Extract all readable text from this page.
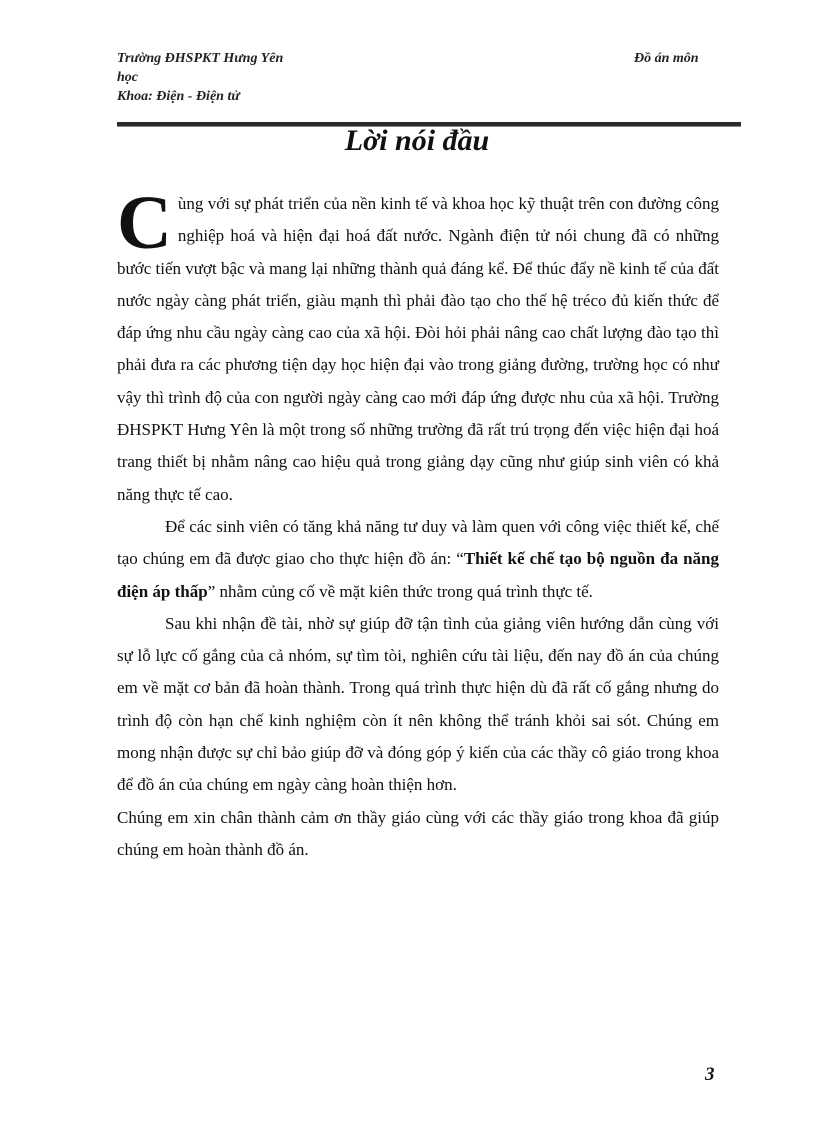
Trường ĐHSPKT Hưng Yên
học
Khoa: Điện - Điện tử
Đồ án môn
Lời nói đầu

Cùng với sự phát triển của nền kinh tế và khoa học kỹ thuật trên con đường công nghiệp hoá và hiện đại hoá đất nước. Ngành điện tử nói chung đã có những bước tiến vượt bậc và mang lại những thành quả đáng kể. Để thúc đẩy nề kinh tế của đất nước ngày càng phát triển, giàu mạnh thì phải đào tạo cho thế hệ tréco đủ kiến thức để đáp ứng nhu cầu ngày càng cao của xã hội. Đòi hỏi phải nâng cao chất lượng đào tạo thì phải đưa ra các phương tiện dạy học hiện đại vào trong giảng đường, trường học có như vậy thì trình độ của con người ngày càng cao mới đáp ứng được nhu của xã hội. Trường ĐHSPKT Hưng Yên là một trong số những trường đã rất trú trọng đến việc hiện đại hoá trang thiết bị nhằm nâng cao hiệu quả trong giảng dạy cũng như giúp sinh viên có khả năng thực tế cao.

Để các sinh viên có tăng khả năng tư duy và làm quen với công việc thiết kế, chế tạo chúng em đã được giao cho thực hiện đồ án: “Thiết kế chế tạo bộ nguồn đa năng điện áp thấp” nhằm củng cố về mặt kiên thức trong quá trình thực tế.

Sau khi nhận đề tài, nhờ sự giúp đỡ tận tình của giảng viên hướng dẫn cùng với sự lỗ lực cố gắng của cả nhóm, sự tìm tòi, nghiên cứu tài liệu, đến nay đồ án của chúng em về mặt cơ bản đã hoàn thành. Trong quá trình thực hiện dù đã rất cố gắng nhưng do trình độ còn hạn chế kinh nghiệm còn ít nên không thể tránh khỏi sai sót. Chúng em mong nhận được sự chỉ bảo giúp đỡ và đóng góp ý kiến của các thầy cô giáo trong khoa để đồ án của chúng em ngày càng hoàn thiện hơn.

Chúng em xin chân thành cảm ơn thầy giáo cùng với các thầy giáo trong khoa đã giúp chúng em hoàn thành đồ án.

3
